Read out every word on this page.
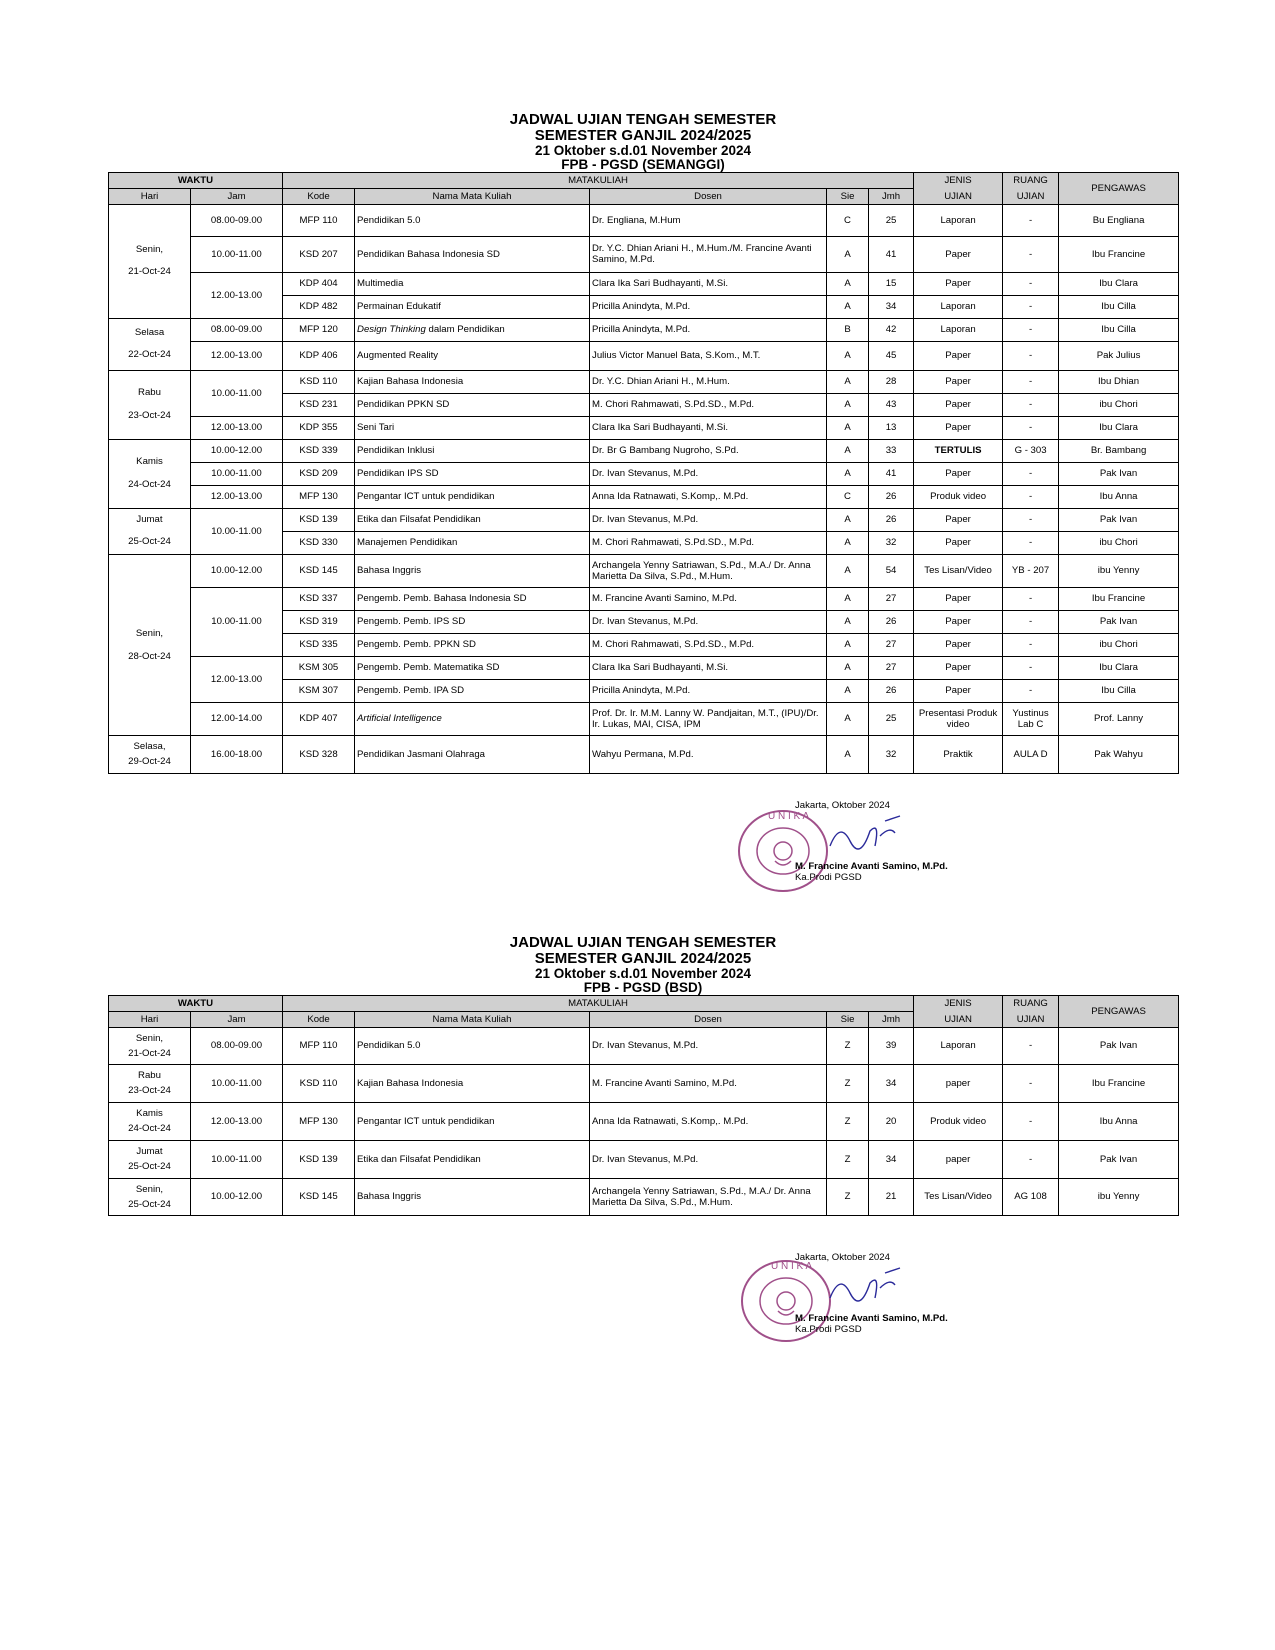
JADWAL UJIAN TENGAH SEMESTER
SEMESTER GANJIL 2024/2025
21 Oktober s.d.01 November 2024
FPB - PGSD (SEMANGGI)
WAKTU		MATAKULIAH					JENIS	RUANG	PENGAWAS
Hari	Jam	Kode	Nama Mata Kuliah	Dosen	Sie	Jmh	UJIAN	UJIAN	

Senin,
21-Oct-24	08.00-09.00	MFP 110	Pendidikan 5.0	Dr. Engliana, M.Hum	C	25	Laporan	-	Bu Engliana
	10.00-11.00	KSD 207	Pendidikan Bahasa Indonesia SD	Dr. Y.C. Dhian Ariani H., M.Hum./M. Francine Avanti Samino, M.Pd.	A	41	Paper	-	Ibu Francine
	12.00-13.00	KDP 404	Multimedia	Clara Ika Sari Budhayanti, M.Si.	A	15	Paper	-	Ibu Clara
		KDP 482	Permainan Edukatif	Pricilla Anindyta, M.Pd.	A	34	Laporan	-	Ibu Cilla

Selasa
22-Oct-24	08.00-09.00	MFP 120	Design Thinking dalam Pendidikan	Pricilla Anindyta, M.Pd.	B	42	Laporan	-	Ibu Cilla
	12.00-13.00	KDP 406	Augmented Reality	Julius Victor Manuel Bata, S.Kom., M.T.	A	45	Paper	-	Pak Julius

Rabu
23-Oct-24	10.00-11.00	KSD 110	Kajian Bahasa Indonesia	Dr. Y.C. Dhian Ariani H., M.Hum.	A	28	Paper	-	Ibu Dhian
		KSD 231	Pendidikan PPKN SD	M. Chori Rahmawati, S.Pd.SD., M.Pd.	A	43	Paper	-	ibu Chori
	12.00-13.00	KDP 355	Seni Tari	Clara Ika Sari Budhayanti, M.Si.	A	13	Paper	-	Ibu Clara

Kamis
24-Oct-24	10.00-12.00	KSD 339	Pendidikan Inklusi	Dr. Br G Bambang Nugroho, S.Pd.	A	33	TERTULIS	G - 303	Br. Bambang
	10.00-11.00	KSD 209	Pendidikan IPS SD	Dr. Ivan Stevanus, M.Pd.	A	41	Paper	-	Pak Ivan
	12.00-13.00	MFP 130	Pengantar ICT untuk pendidikan	Anna Ida Ratnawati, S.Komp,. M.Pd.	C	26	Produk video	-	Ibu Anna

Jumat
25-Oct-24	10.00-11.00	KSD 139	Etika dan Filsafat Pendidikan	Dr. Ivan Stevanus, M.Pd.	A	26	Paper	-	Pak Ivan
		KSD 330	Manajemen Pendidikan	M. Chori Rahmawati, S.Pd.SD., M.Pd.	A	32	Paper	-	ibu Chori

Senin,
28-Oct-24	10.00-12.00	KSD 145	Bahasa Inggris	Archangela Yenny Satriawan, S.Pd., M.A./ Dr. Anna Marietta Da Silva, S.Pd., M.Hum.	A	54	Tes Lisan/Video	YB - 207	ibu Yenny
	10.00-11.00	KSD 337	Pengemb. Pemb. Bahasa Indonesia SD	M. Francine Avanti Samino, M.Pd.	A	27	Paper	-	Ibu Francine
		KSD 319	Pengemb. Pemb. IPS SD	Dr. Ivan Stevanus, M.Pd.	A	26	Paper	-	Pak Ivan
		KSD 335	Pengemb. Pemb. PPKN SD	M. Chori Rahmawati, S.Pd.SD., M.Pd.	A	27	Paper	-	ibu Chori
	12.00-13.00	KSM 305	Pengemb. Pemb. Matematika SD	Clara Ika Sari Budhayanti, M.Si.	A	27	Paper	-	Ibu Clara
		KSM 307	Pengemb. Pemb. IPA SD	Pricilla Anindyta, M.Pd.	A	26	Paper	-	Ibu Cilla
	12.00-14.00	KDP 407	Artificial Intelligence	Prof. Dr. Ir. M.M. Lanny W. Pandjaitan, M.T., (IPU)/Dr. Ir. Lukas, MAI, CISA, IPM	A	25	Presentasi Produk video	Yustinus Lab C	Prof. Lanny

Selasa,
29-Oct-24	16.00-18.00	KSD 328	Pendidikan Jasmani Olahraga	Wahyu Permana, M.Pd.	A	32	Praktik	AULA D	Pak Wahyu
U N I K A
Jakarta, Oktober 2024
M. Francine Avanti Samino, M.Pd.
Ka.Prodi PGSD
JADWAL UJIAN TENGAH SEMESTER
SEMESTER GANJIL 2024/2025
21 Oktober s.d.01 November 2024
FPB - PGSD (BSD)
WAKTU		MATAKULIAH					JENIS	RUANG	PENGAWAS
Hari	Jam	Kode	Nama Mata Kuliah	Dosen	Sie	Jmh	UJIAN	UJIAN	

Senin,
21-Oct-24	08.00-09.00	MFP 110	Pendidikan 5.0	Dr. Ivan Stevanus, M.Pd.	Z	39	Laporan	-	Pak Ivan

Rabu
23-Oct-24	10.00-11.00	KSD 110	Kajian Bahasa Indonesia	M. Francine Avanti Samino, M.Pd.	Z	34	paper	-	Ibu Francine

Kamis
24-Oct-24	12.00-13.00	MFP 130	Pengantar ICT untuk pendidikan	Anna Ida Ratnawati, S.Komp,. M.Pd.	Z	20	Produk video	-	Ibu Anna

Jumat
25-Oct-24	10.00-11.00	KSD 139	Etika dan Filsafat Pendidikan	Dr. Ivan Stevanus, M.Pd.	Z	34	paper	-	Pak Ivan

Senin,
25-Oct-24	10.00-12.00	KSD 145	Bahasa Inggris	Archangela Yenny Satriawan, S.Pd., M.A./ Dr. Anna Marietta Da Silva, S.Pd., M.Hum.	Z	21	Tes Lisan/Video	AG 108	ibu Yenny
U N I K A
Jakarta, Oktober 2024
M. Francine Avanti Samino, M.Pd.
Ka.Prodi PGSD
